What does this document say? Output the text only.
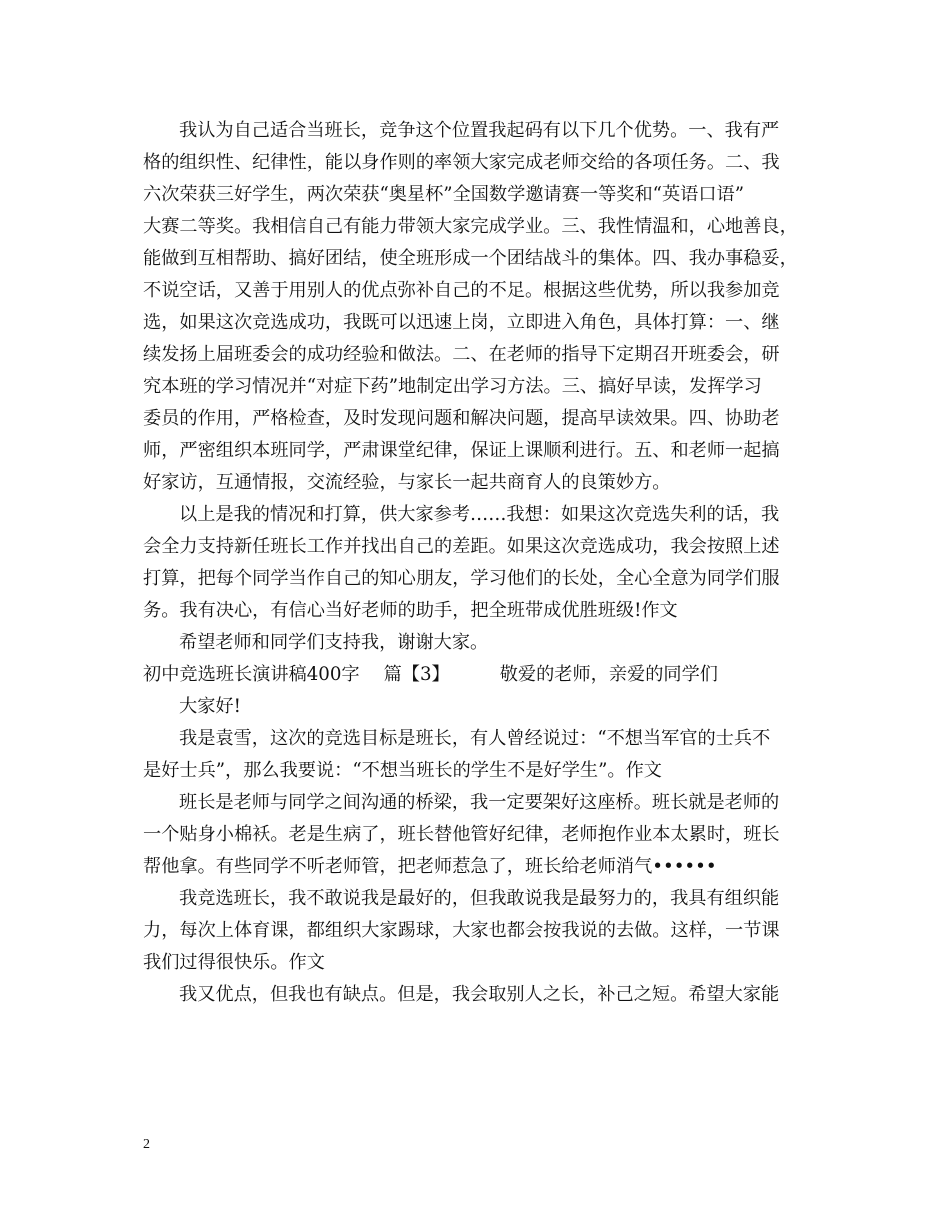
我认为自己适合当班长，竞争这个位置我起码有以下几个优势。一、我有严
格的组织性、纪律性，能以身作则的率领大家完成老师交给的各项任务。二、我
六次荣获三好学生，两次荣获“奥星杯”全国数学邀请赛一等奖和“英语口语”
大赛二等奖。我相信自己有能力带领大家完成学业。三、我性情温和，心地善良，
能做到互相帮助、搞好团结，使全班形成一个团结战斗的集体。四、我办事稳妥，
不说空话，又善于用别人的优点弥补自己的不足。根据这些优势，所以我参加竞
选，如果这次竞选成功，我既可以迅速上岗，立即进入角色，具体打算：一、继
续发扬上届班委会的成功经验和做法。二、在老师的指导下定期召开班委会，研
究本班的学习情况并“对症下药”地制定出学习方法。三、搞好早读，发挥学习
委员的作用，严格检查，及时发现问题和解决问题，提高早读效果。四、协助老
师，严密组织本班同学，严肃课堂纪律，保证上课顺利进行。五、和老师一起搞
好家访，互通情报，交流经验，与家长一起共商育人的良策妙方。
以上是我的情况和打算，供大家参考……我想：如果这次竞选失利的话，我
会全力支持新任班长工作并找出自己的差距。如果这次竞选成功，我会按照上述
打算，把每个同学当作自己的知心朋友，学习他们的长处，全心全意为同学们服
务。我有决心，有信心当好老师的助手，把全班带成优胜班级!作文
希望老师和同学们支持我，谢谢大家。
初中竞选班长演讲稿400字 篇【3】	敬爱的老师，亲爱的同学们
大家好!
我是袁雪，这次的竞选目标是班长，有人曾经说过：“不想当军官的士兵不
是好士兵”，那么我要说：“不想当班长的学生不是好学生”。作文
班长是老师与同学之间沟通的桥梁，我一定要架好这座桥。班长就是老师的
一个贴身小棉袄。老是生病了，班长替他管好纪律，老师抱作业本太累时，班长
帮他拿。有些同学不听老师管，把老师惹急了，班长给老师消气••••••
我竞选班长，我不敢说我是最好的，但我敢说我是最努力的，我具有组织能
力，每次上体育课，都组织大家踢球，大家也都会按我说的去做。这样，一节课
我们过得很快乐。作文
我又优点，但我也有缺点。但是，我会取别人之长，补己之短。希望大家能
2
